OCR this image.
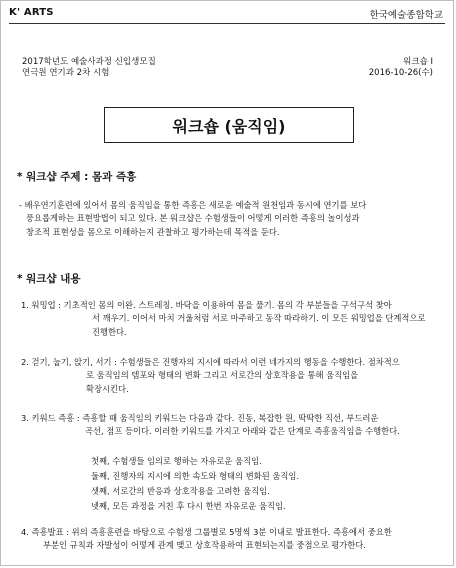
K' ARTS	한국예술종합학교
2017학년도 예술사과정 신입생모집
연극원 연기과 2차 시험
워크숍 I
2016-10-26(수)
워크숍 (움직임)
* 워크샵 주제 : 몸과 즉흥
- 배우연기훈련에 있어서 몸의 움직임을 통한 즉흥은 새로운 예술적 원천임과 동시에 연기를 보다

풍요롭게하는 표현방법이 되고 있다. 본 워크샵은 수험생들이 어떻게 이러한 즉흥의 놀이성과
창조적 표현성을 몸으로 이해하는지 관찰하고 평가하는데 목적을 둔다.
* 워크샵 내용
1. 워밍업 : 기초적인 몸의 이완. 스트레칭. 바닥을 이용하여 몸을 풀기. 몸의 각 부분들을 구석구석 찾아
서 깨우기. 이어서 마치 거울처럼 서로 마주하고 동작 따라하기. 이 모든 워밍업을 단계적으로
진행한다.
2. 걷기, 눕기, 앉기, 서기 : 수험생들은 진행자의 지시에 따라서 이런 네가지의 행동을 수행한다. 점차적으
로 움직임의 템포와 형태의 변화 그리고 서로간의 상호작용을 통해 움직임을
확장시킨다.
3. 키워드 즉흥 : 즉흥할 때 움직임의 키워드는 다음과 같다. 진동, 복잡한 원, 딱딱한 직선, 부드러운
곡선, 점프 등이다. 이러한 키워드를 가지고 아래와 같은 단계로 즉흥움직임을 수행한다.
첫째, 수험생들 임의로 행하는 자유로운 움직임.
둘째, 진행자의 지시에 의한 속도와 형태의 변화된 움직임.
셋째, 서로간의 반응과 상호작용을 고려한 움직임.
넷째, 모든 과정을 거친 후 다시 한번 자유로운 움직임.
4. 즉흥발표 : 위의 즉흥훈련을 바탕으로 수험생 그룹별로 5명씩 3분 이내로 발표한다. 즉흥에서 중요한
부분인 규칙과 자발성이 어떻게 관계 맺고 상호작용하여 표현되는지를 중점으로 평가한다.
